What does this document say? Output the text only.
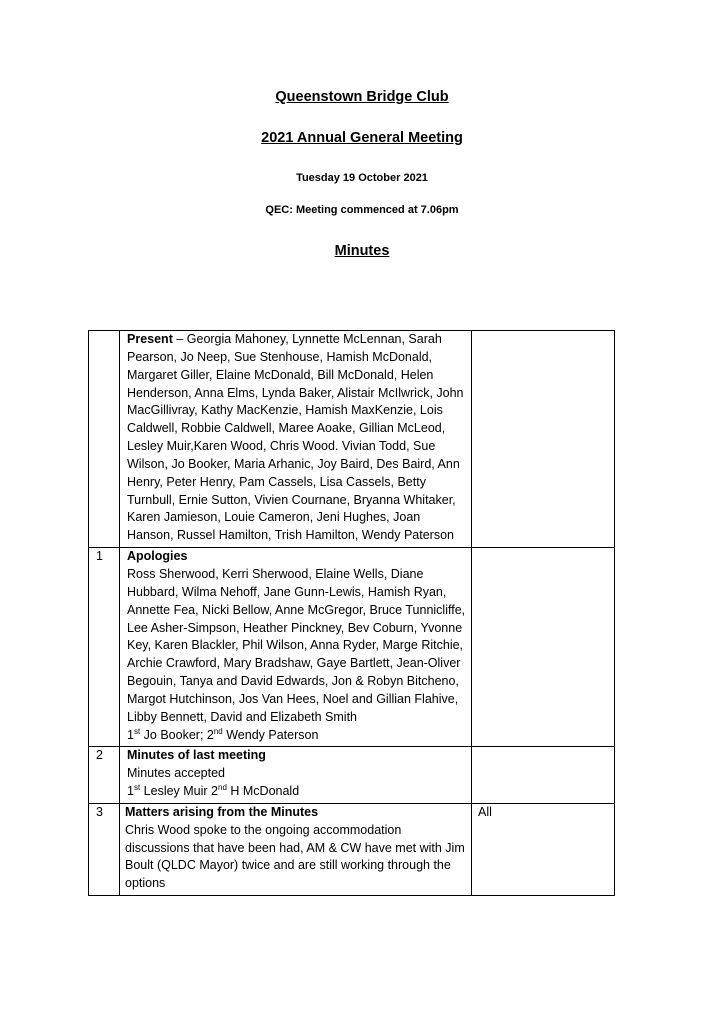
Queenstown Bridge Club
2021 Annual General Meeting
Tuesday 19 October 2021
QEC: Meeting commenced at 7.06pm
Minutes
	Present – Georgia Mahoney, Lynnette McLennan, Sarah Pearson, Jo Neep, Sue Stenhouse, Hamish McDonald, Margaret Giller, Elaine McDonald, Bill McDonald, Helen Henderson, Anna Elms, Lynda Baker, Alistair McIlwrick, John MacGillivray, Kathy MacKenzie, Hamish MaxKenzie, Lois Caldwell, Robbie Caldwell, Maree Aoake, Gillian McLeod, Lesley Muir,Karen Wood, Chris Wood. Vivian Todd, Sue Wilson, Jo Booker, Maria Arhanic, Joy Baird, Des Baird, Ann Henry, Peter Henry, Pam Cassels, Lisa Cassels, Betty Turnbull, Ernie Sutton, Vivien Cournane, Bryanna Whitaker, Karen Jamieson, Louie Cameron, Jeni Hughes, Joan Hanson, Russel Hamilton, Trish Hamilton, Wendy Paterson	
1	Apologies
Ross Sherwood, Kerri Sherwood, Elaine Wells, Diane Hubbard, Wilma Nehoff, Jane Gunn-Lewis, Hamish Ryan, Annette Fea, Nicki Bellow, Anne McGregor, Bruce Tunnicliffe, Lee Asher-Simpson, Heather Pinckney, Bev Coburn, Yvonne Key, Karen Blackler, Phil Wilson, Anna Ryder, Marge Ritchie, Archie Crawford, Mary Bradshaw, Gaye Bartlett, Jean-Oliver Begouin, Tanya and David Edwards, Jon & Robyn Bitcheno, Margot Hutchinson, Jos Van Hees, Noel and Gillian Flahive, Libby Bennett, David and Elizabeth Smith
1st Jo Booker; 2nd Wendy Paterson	

2	Minutes of last meeting
Minutes accepted
1st Lesley Muir 2nd H McDonald	

3	Matters arising from the Minutes
Chris Wood spoke to the ongoing accommodation discussions that have been had, AM & CW have met with Jim Boult (QLDC Mayor) twice and are still working through the options	All
